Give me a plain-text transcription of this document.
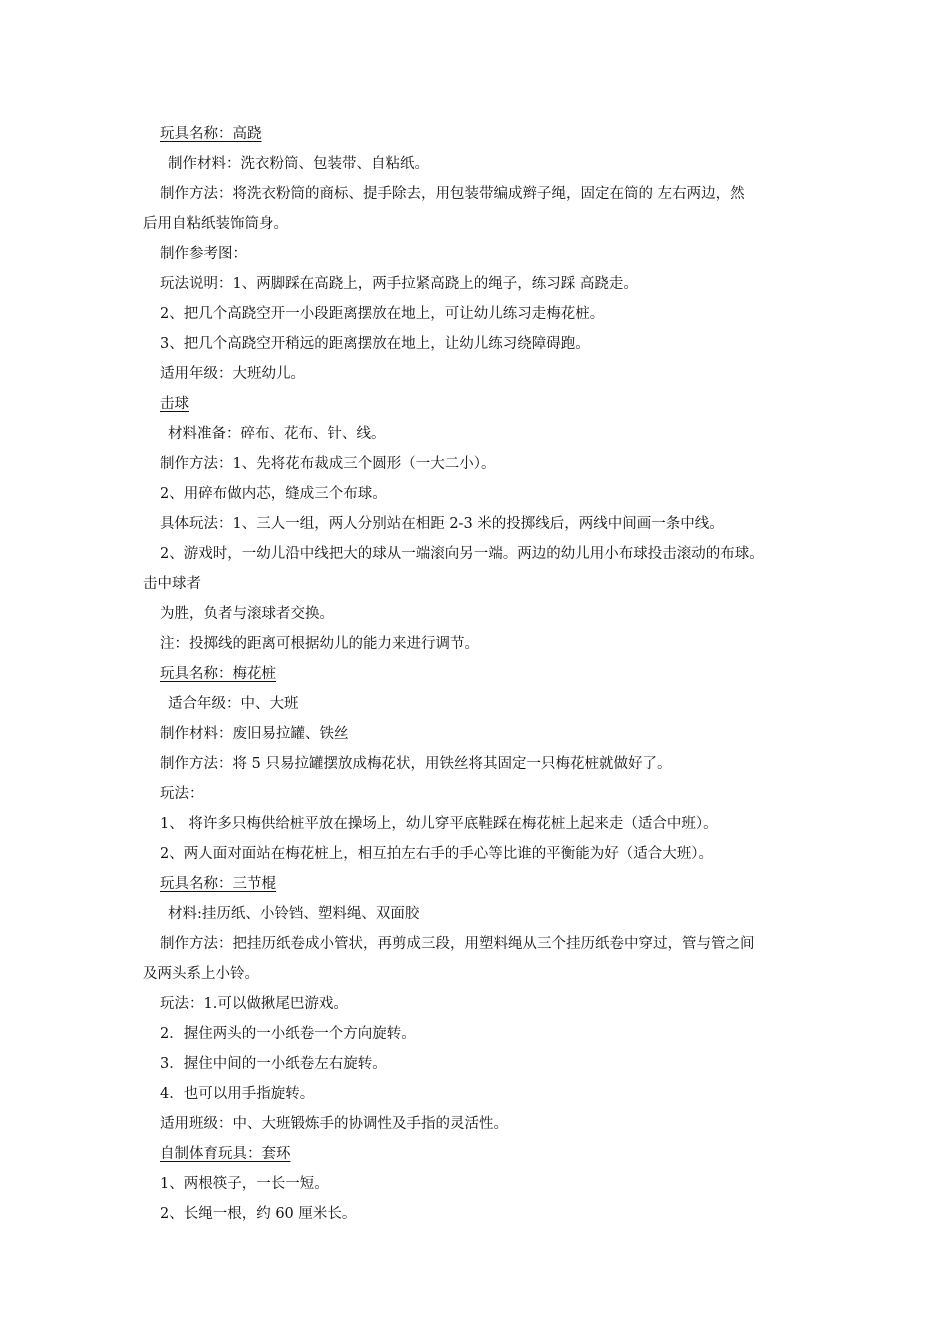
玩具名称：高跷
制作材料：洗衣粉筒、包装带、自粘纸。
制作方法：将洗衣粉筒的商标、提手除去，用包装带编成辫子绳，固定在筒的 左右两边，然
后用自粘纸装饰筒身。
制作参考图：
玩法说明：1、两脚踩在高跷上，两手拉紧高跷上的绳子，练习踩 高跷走。
2、把几个高跷空开一小段距离摆放在地上，可让幼儿练习走梅花桩。
3、把几个高跷空开稍远的距离摆放在地上，让幼儿练习绕障碍跑。
适用年级：大班幼儿。
击球
材料准备：碎布、花布、针、线。
制作方法：1、先将花布裁成三个圆形（一大二小）。
2、用碎布做内芯，缝成三个布球。
具体玩法：1、三人一组，两人分别站在相距 2-3 米的投掷线后，两线中间画一条中线。
2、游戏时，一幼儿沿中线把大的球从一端滚向另一端。两边的幼儿用小布球投击滚动的布球。
击中球者
为胜，负者与滚球者交换。
注：投掷线的距离可根据幼儿的能力来进行调节。
玩具名称：梅花桩
适合年级：中、大班
制作材料：废旧易拉罐、铁丝
制作方法：将 5 只易拉罐摆放成梅花状，用铁丝将其固定一只梅花桩就做好了。
玩法：
1、 将许多只梅供给桩平放在操场上，幼儿穿平底鞋踩在梅花桩上起来走（适合中班）。
2、两人面对面站在梅花桩上，相互拍左右手的手心等比谁的平衡能为好（适合大班）。
玩具名称：三节棍
材料:挂历纸、小铃铛、塑料绳、双面胶
制作方法：把挂历纸卷成小管状，再剪成三段，用塑料绳从三个挂历纸卷中穿过，管与管之间
及两头系上小铃。
玩法：1.可以做揪尾巴游戏。
2．握住两头的一小纸卷一个方向旋转。
3．握住中间的一小纸卷左右旋转。
4．也可以用手指旋转。
适用班级：中、大班锻炼手的协调性及手指的灵活性。
自制体育玩具：套环
1、两根筷子，一长一短。
2、长绳一根，约 60 厘米长。
